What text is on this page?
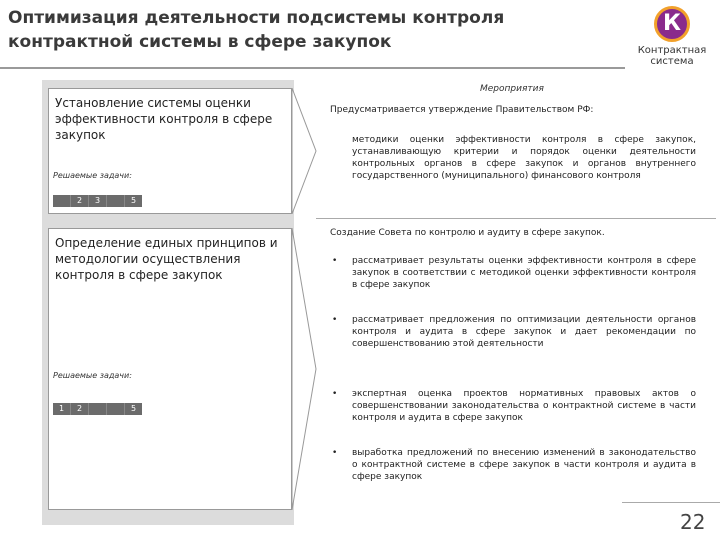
Оптимизация деятельности подсистемы контроля
контрактной системы в сфере закупок
К
Контрактная
система
Мероприятия
Установление системы оценки эффективности контроля в сфере закупок
Решаемые задачи:
2	3	5
Определение единых принципов и методологии осуществления контроля в сфере закупок
Решаемые задачи:
1	2	5
Предусматривается утверждение Правительством РФ:
методики оценки эффективности контроля в сфере закупок, устанавливающую критерии и порядок оценки деятельности контрольных органов в сфере закупок и органов внутреннего государственного (муниципального) финансового контроля
Создание Совета по контролю и аудиту в сфере закупок.
•	рассматривает результаты оценки эффективности контроля в сфере закупок в соответствии с методикой оценки эффективности контроля в сфере закупок
•	рассматривает предложения по оптимизации деятельности органов контроля и аудита в сфере закупок и дает рекомендации по совершенствованию этой деятельности
•	экспертная оценка проектов нормативных правовых актов о совершенствовании законодательства о контрактной системе в части контроля и аудита в сфере закупок
•	выработка предложений по внесению изменений в законодательство о контрактной системе в сфере закупок в части контроля и аудита в сфере закупок
22
